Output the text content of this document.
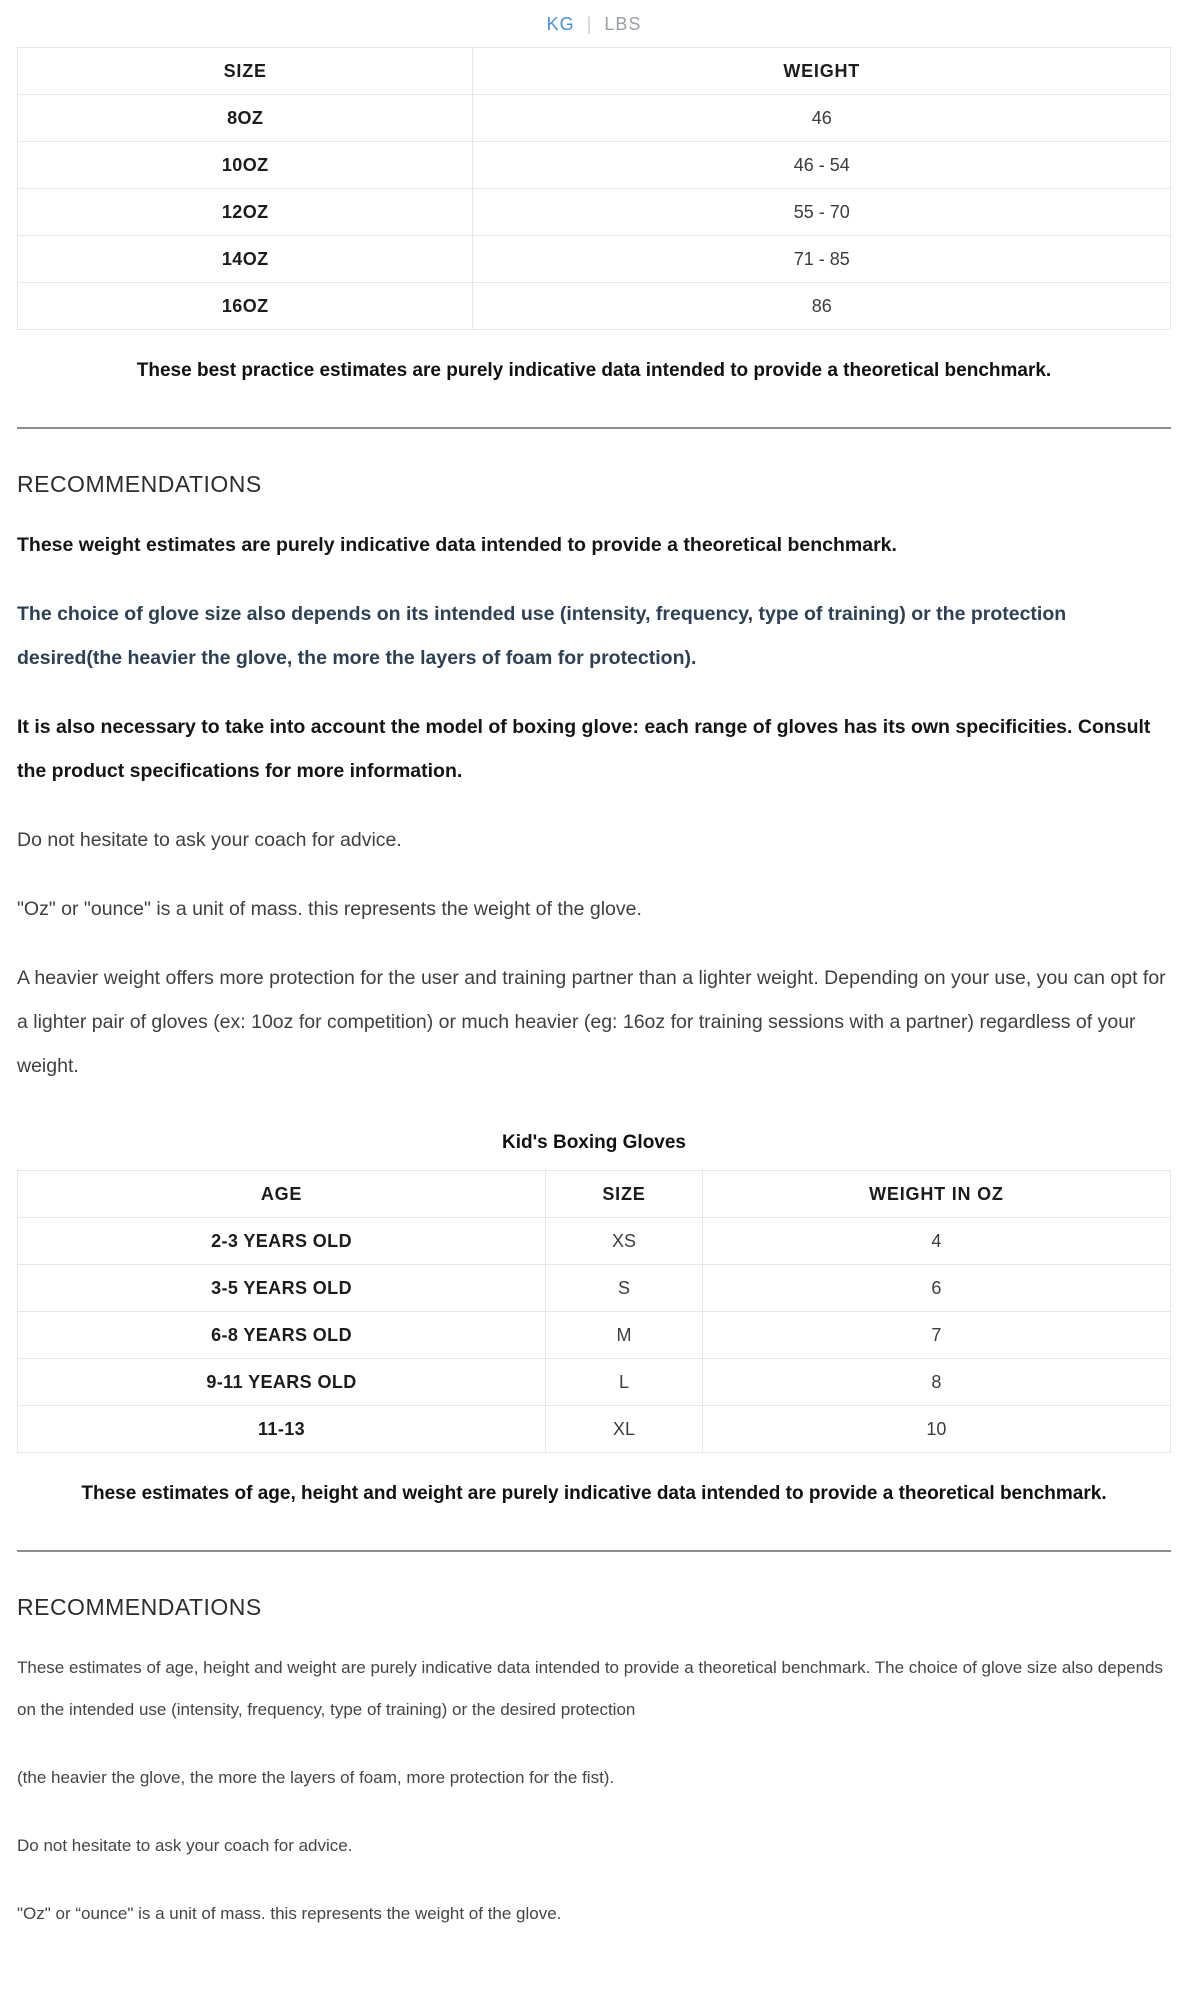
KG | LBS
SIZE	WEIGHT
8OZ	46
10OZ	46 - 54
12OZ	55 - 70
14OZ	71 - 85
16OZ	86
These best practice estimates are purely indicative data intended to provide a theoretical benchmark.
RECOMMENDATIONS

These weight estimates are purely indicative data intended to provide a theoretical benchmark.

The choice of glove size also depends on its intended use (intensity, frequency, type of training) or the protection desired(the heavier the glove, the more the layers of foam for protection).

It is also necessary to take into account the model of boxing glove: each range of gloves has its own specificities. Consult the product specifications for more information.

Do not hesitate to ask your coach for advice.

"Oz" or "ounce" is a unit of mass. this represents the weight of the glove.

A heavier weight offers more protection for the user and training partner than a lighter weight. Depending on your use, you can opt for a lighter pair of gloves (ex: 10oz for competition) or much heavier (eg: 16oz for training sessions with a partner) regardless of your weight.

Kid's Boxing Gloves
AGE	SIZE	WEIGHT IN OZ
2-3 YEARS OLD	XS	4
3-5 YEARS OLD	S	6
6-8 YEARS OLD	M	7
9-11 YEARS OLD	L	8
11-13	XL	10
These estimates of age, height and weight are purely indicative data intended to provide a theoretical benchmark.
RECOMMENDATIONS

These estimates of age, height and weight are purely indicative data intended to provide a theoretical benchmark. The choice of glove size also depends on the intended use (intensity, frequency, type of training) or the desired protection

(the heavier the glove, the more the layers of foam, more protection for the fist).

Do not hesitate to ask your coach for advice.

"Oz" or “ounce" is a unit of mass. this represents the weight of the glove.
